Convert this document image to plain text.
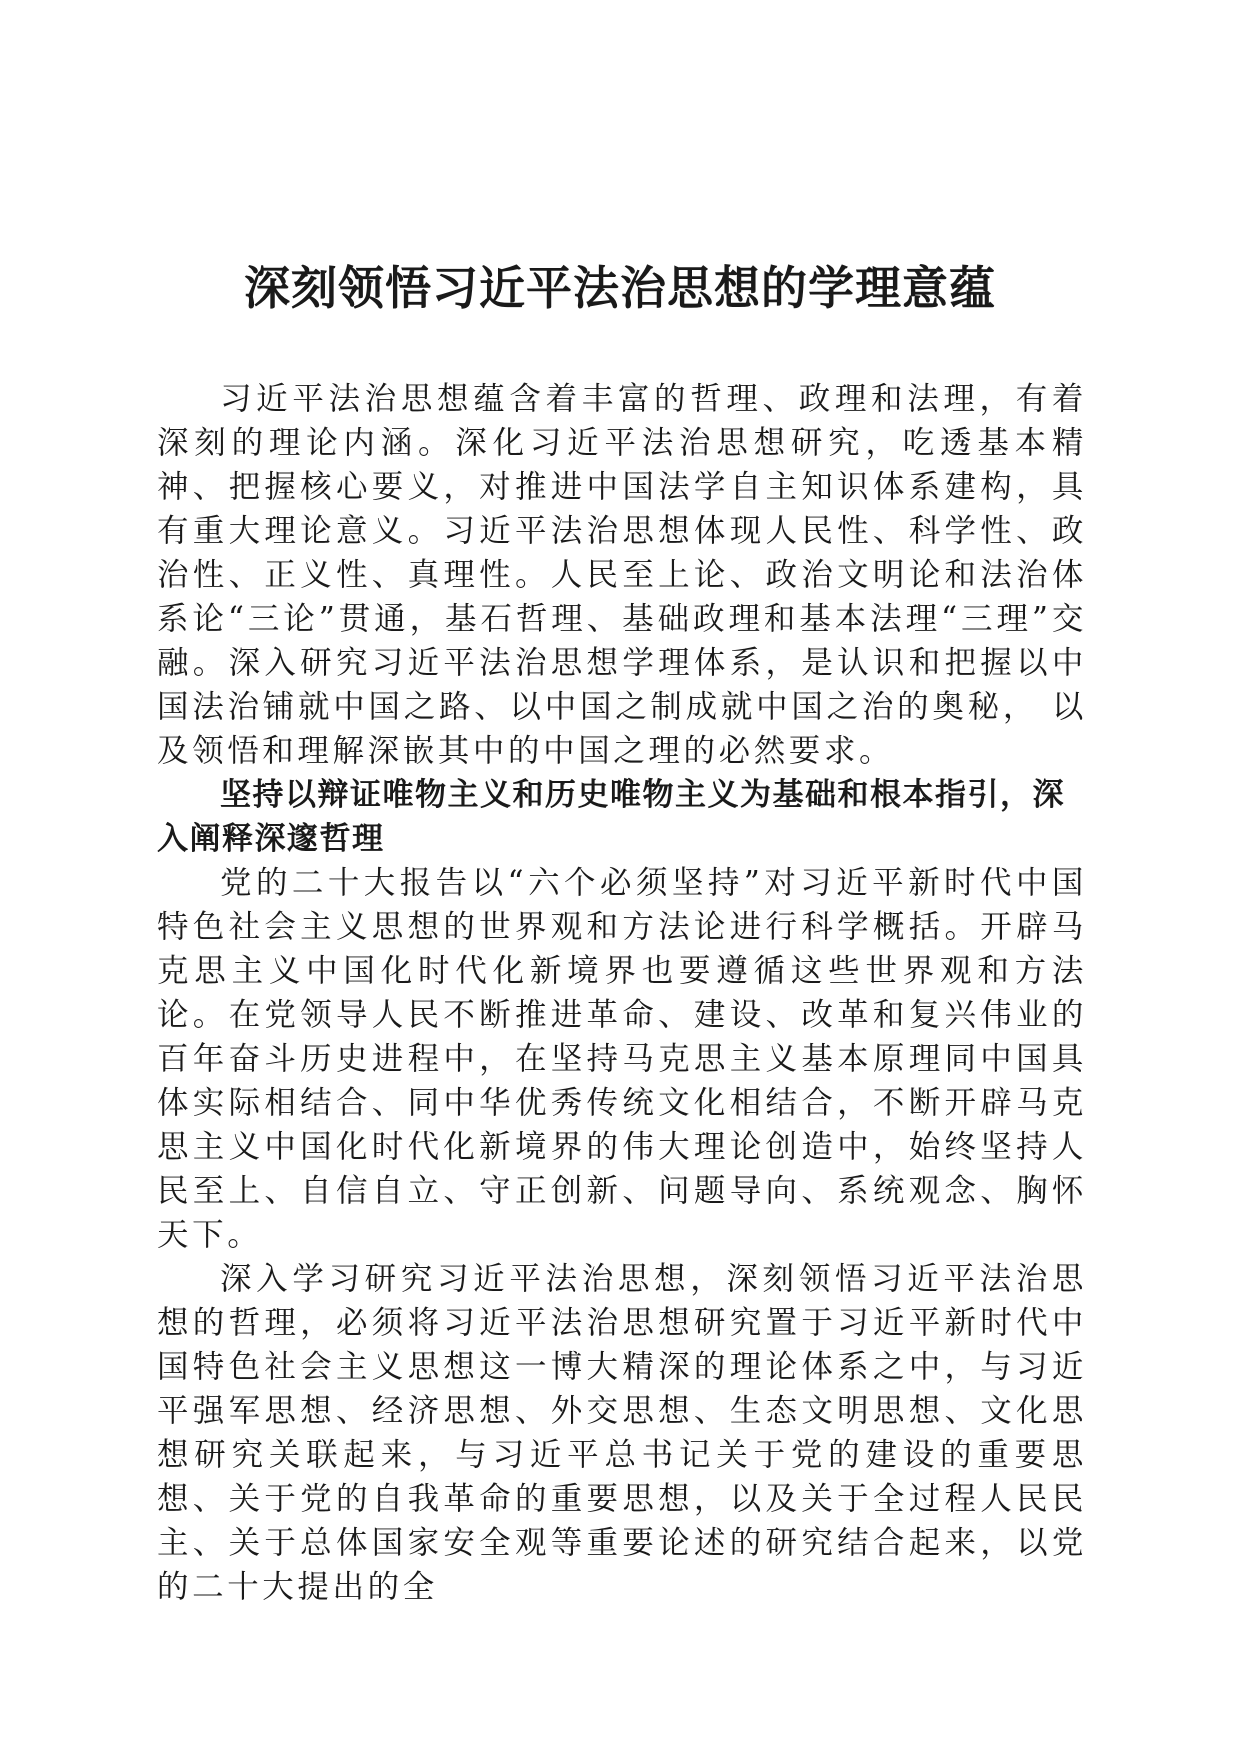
深刻领悟习近平法治思想的学理意蕴

习近平法治思想蕴含着丰富的哲理、政理和法理，有着深刻的理论内涵。深化习近平法治思想研究，吃透基本精神、把握核心要义，对推进中国法学自主知识体系建构，具有重大理论意义。习近平法治思想体现人民性、科学性、政治性、正义性、真理性。人民至上论、政治文明论和法治体系论“三论”贯通，基石哲理、基础政理和基本法理“三理”交融。深入研究习近平法治思想学理体系，是认识和把握以中国法治铺就中国之路、以中国之制成就中国之治的奥秘， 以及领悟和理解深嵌其中的中国之理的必然要求。

坚持以辩证唯物主义和历史唯物主义为基础和根本指引，深入阐释深邃哲理

党的二十大报告以“六个必须坚持”对习近平新时代中国特色社会主义思想的世界观和方法论进行科学概括。开辟马克思主义中国化时代化新境界也要遵循这些世界观和方法论。在党领导人民不断推进革命、建设、改革和复兴伟业的百年奋斗历史进程中，在坚持马克思主义基本原理同中国具体实际相结合、同中华优秀传统文化相结合，不断开辟马克思主义中国化时代化新境界的伟大理论创造中，始终坚持人民至上、自信自立、守正创新、问题导向、系统观念、胸怀天下。

深入学习研究习近平法治思想，深刻领悟习近平法治思想的哲理，必须将习近平法治思想研究置于习近平新时代中国特色社会主义思想这一博大精深的理论体系之中，与习近平强军思想、经济思想、外交思想、生态文明思想、文化思想研究关联起来，与习近平总书记关于党的建设的重要思想、关于党的自我革命的重要思想，以及关于全过程人民民主、关于总体国家安全观等重要论述的研究结合起来，以党的二十大提出的全
